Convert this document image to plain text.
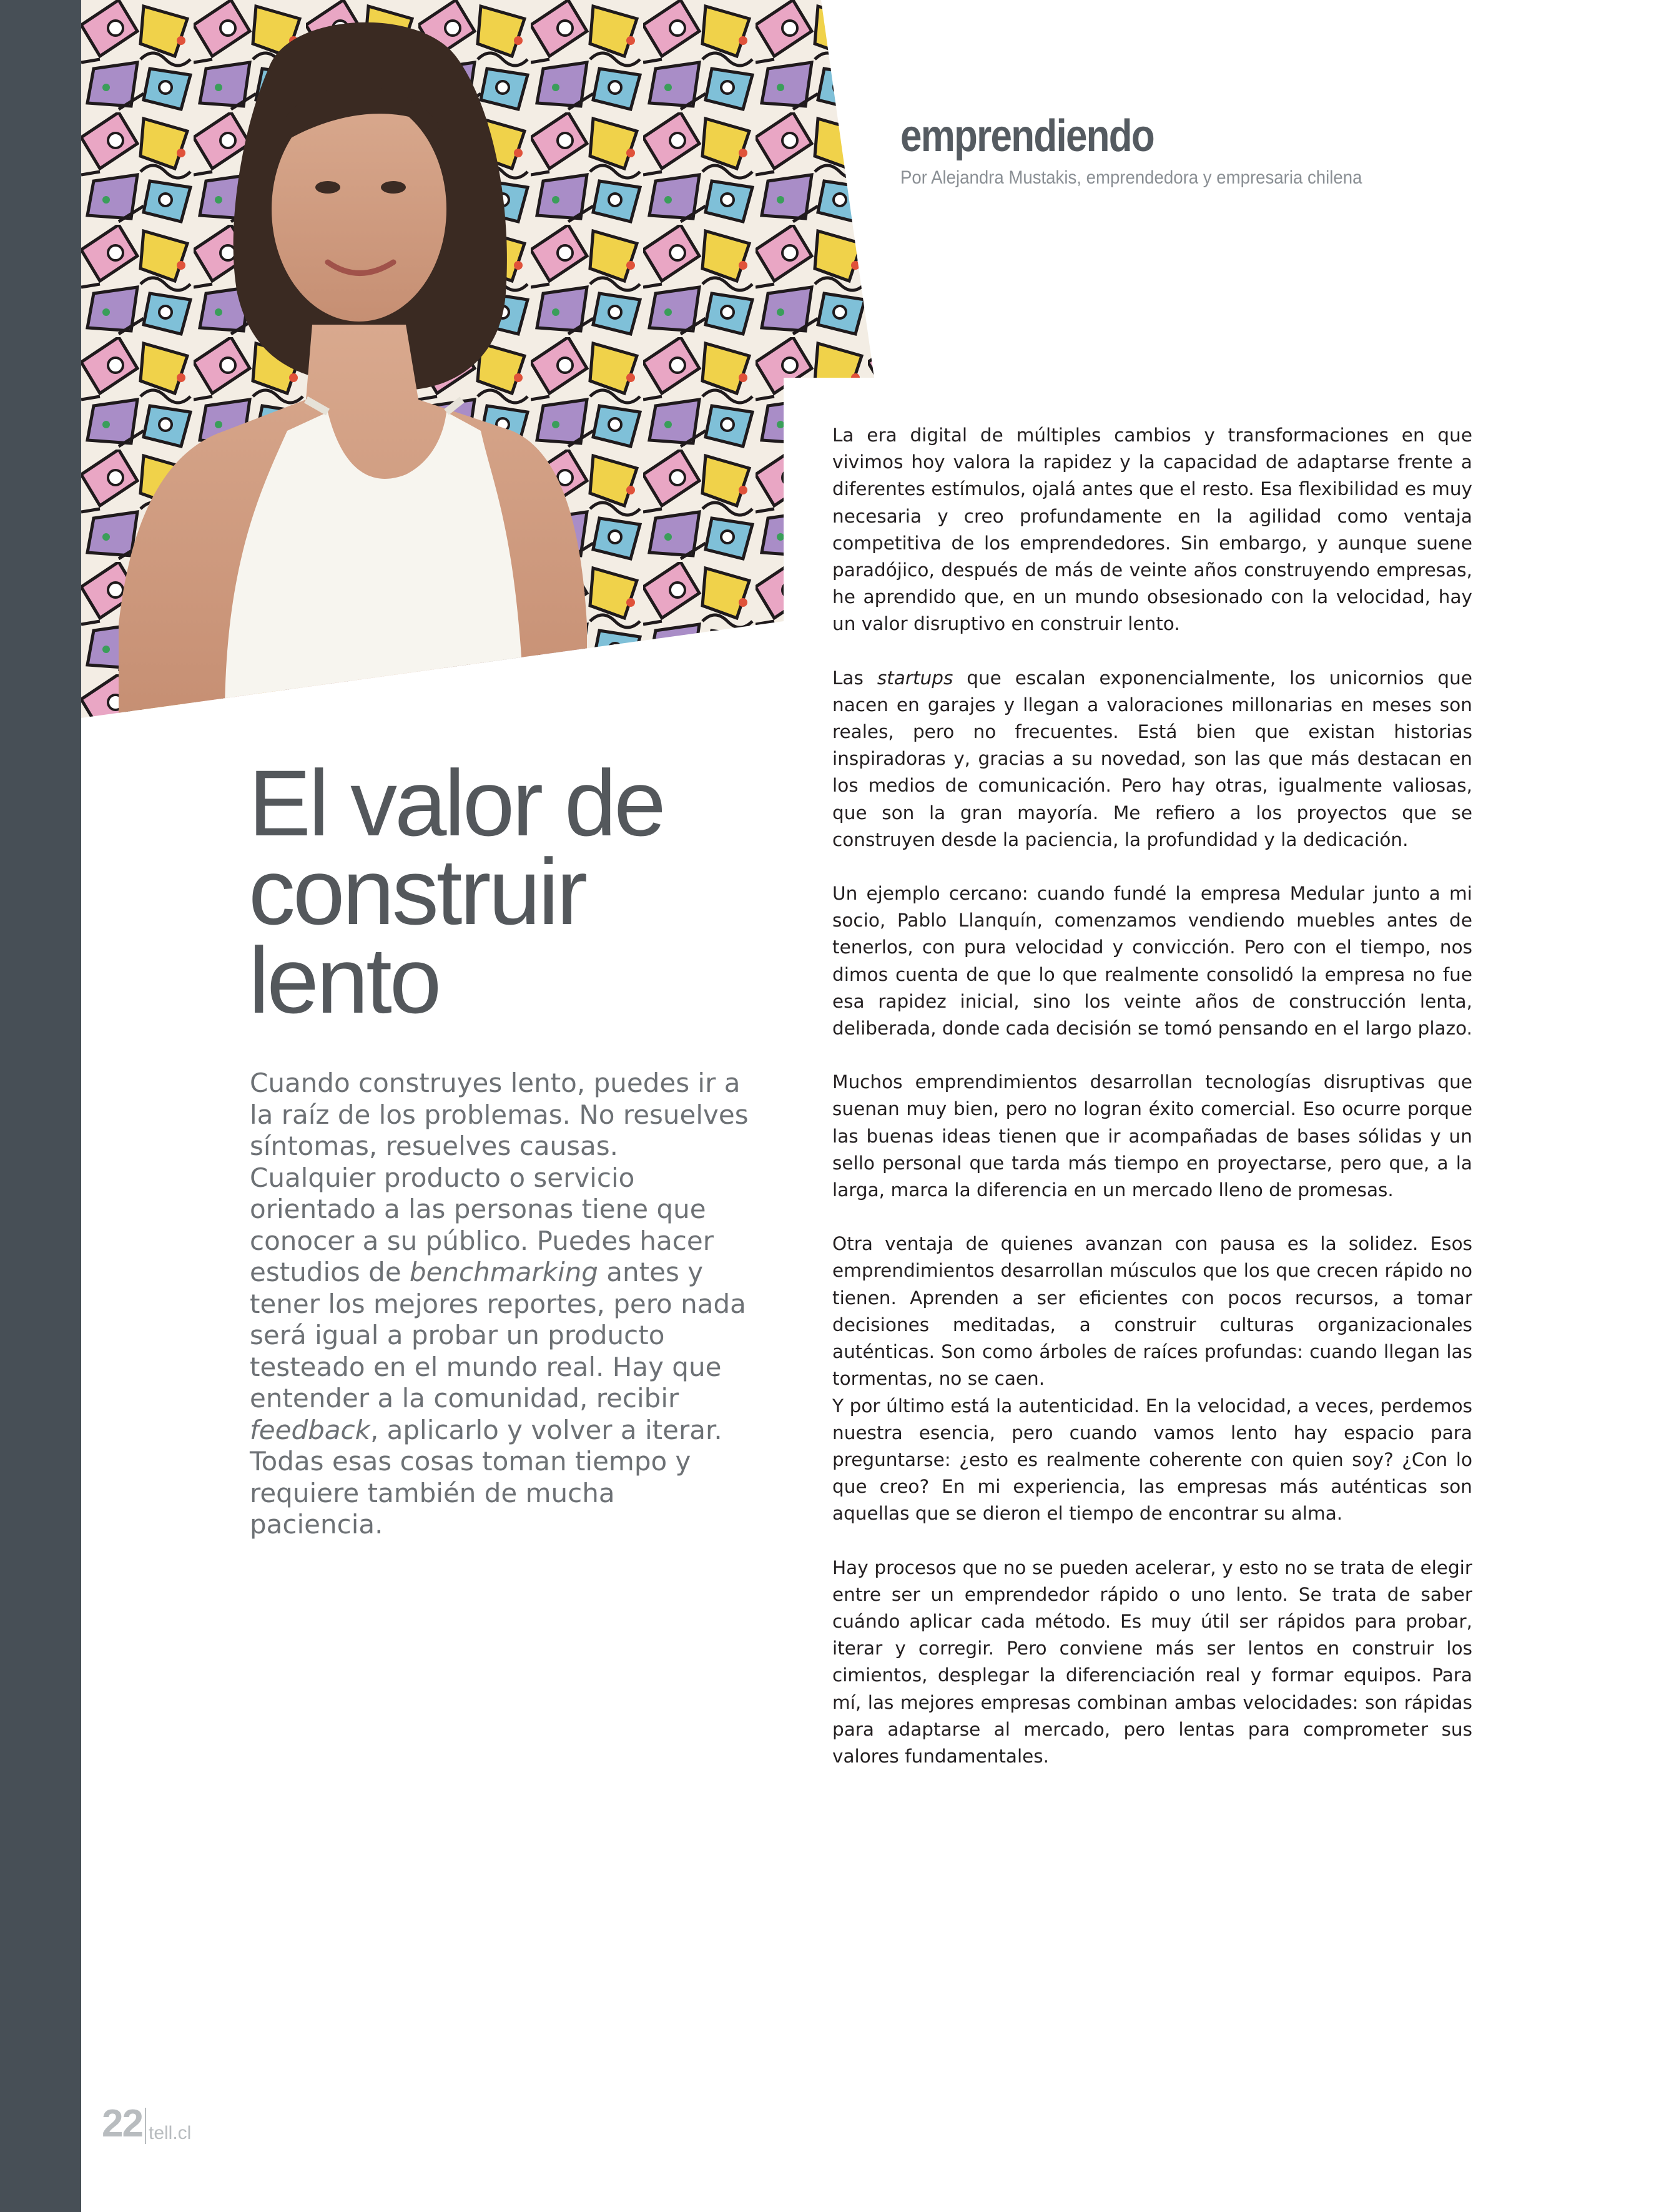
emprendiendo

Por Alejandra Mustakis, emprendedora y empresaria chilena

El valor de
construir
lento

Cuando construyes lento, puedes ir a la raíz de los problemas. No resuelves síntomas, resuelves causas. Cualquier producto o servicio orientado a las personas tiene que conocer a su público. Puedes hacer estudios de benchmarking antes y tener los mejores reportes, pero nada será igual a probar un producto testeado en el mundo real. Hay que entender a la comunidad, recibir feedback, aplicarlo y volver a iterar. Todas esas cosas toman tiempo y requiere también de mucha paciencia.

La era digital de múltiples cambios y transformaciones en que vivimos hoy valora la rapidez y la capacidad de adaptarse frente a diferentes estímulos, ojalá antes que el resto. Esa flexibilidad es muy necesaria y creo profundamente en la agilidad como ventaja competitiva de los emprendedores. Sin embargo, y aunque suene paradójico, después de más de veinte años construyendo empresas, he aprendido que, en un mundo obsesionado con la velocidad, hay un valor disruptivo en construir lento.

Las startups que escalan exponencialmente, los unicornios que nacen en garajes y llegan a valoraciones millonarias en meses son reales, pero no frecuentes. Está bien que existan historias inspiradoras y, gracias a su novedad, son las que más destacan en los medios de comunicación. Pero hay otras, igualmente valiosas, que son la gran mayoría. Me refiero a los proyectos que se construyen desde la paciencia, la profundidad y la dedicación.

Un ejemplo cercano: cuando fundé la empresa Medular junto a mi socio, Pablo Llanquín, comenzamos vendiendo muebles antes de tenerlos, con pura velocidad y convicción. Pero con el tiempo, nos dimos cuenta de que lo que realmente consolidó la empresa no fue esa rapidez inicial, sino los veinte años de construcción lenta, deliberada, donde cada decisión se tomó pensando en el largo plazo.

Muchos emprendimientos desarrollan tecnologías disruptivas que suenan muy bien, pero no logran éxito comercial. Eso ocurre porque las buenas ideas tienen que ir acompañadas de bases sólidas y un sello personal que tarda más tiempo en proyectarse, pero que, a la larga, marca la diferencia en un mercado lleno de promesas.

Otra ventaja de quienes avanzan con pausa es la solidez. Esos emprendimientos desarrollan músculos que los que crecen rápido no tienen. Aprenden a ser eficientes con pocos recursos, a tomar decisiones meditadas, a construir culturas organizacionales auténticas. Son como árboles de raíces profundas: cuando llegan las tormentas, no se caen.
Y por último está la autenticidad. En la velocidad, a veces, perdemos nuestra esencia, pero cuando vamos lento hay espacio para preguntarse: ¿esto es realmente coherente con quien soy? ¿Con lo que creo? En mi experiencia, las empresas más auténticas son aquellas que se dieron el tiempo de encontrar su alma.

Hay procesos que no se pueden acelerar, y esto no se trata de elegir entre ser un emprendedor rápido o uno lento. Se trata de saber cuándo aplicar cada método. Es muy útil ser rápidos para probar, iterar y corregir. Pero conviene más ser lentos en construir los cimientos, desplegar la diferenciación real y formar equipos. Para mí, las mejores empresas combinan ambas velocidades: son rápidas para adaptarse al mercado, pero lentas para comprometer sus valores fundamentales.

22 tell.cl
